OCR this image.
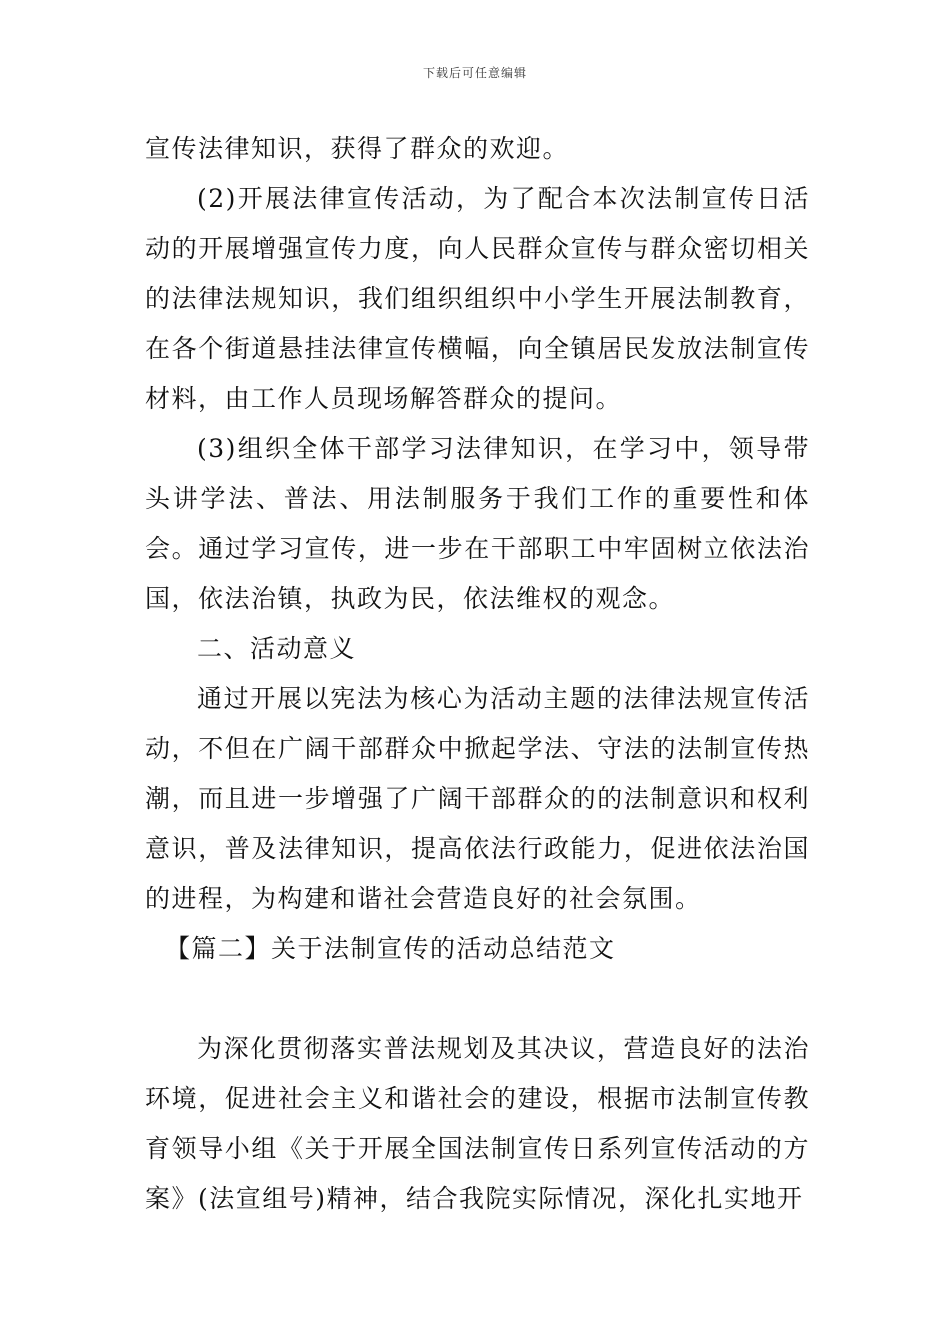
下载后可任意编辑

宣传法律知识，获得了群众的欢迎。

(2)开展法律宣传活动，为了配合本次法制宣传日活动的开展增强宣传力度，向人民群众宣传与群众密切相关的法律法规知识，我们组织组织中小学生开展法制教育，在各个街道悬挂法律宣传横幅，向全镇居民发放法制宣传材料，由工作人员现场解答群众的提问。

(3)组织全体干部学习法律知识，在学习中，领导带头讲学法、普法、用法制服务于我们工作的重要性和体会。通过学习宣传，进一步在干部职工中牢固树立依法治国，依法治镇，执政为民，依法维权的观念。

二、活动意义

通过开展以宪法为核心为活动主题的法律法规宣传活动，不但在广阔干部群众中掀起学法、守法的法制宣传热潮，而且进一步增强了广阔干部群众的的法制意识和权利意识，普及法律知识，提高依法行政能力，促进依法治国的进程，为构建和谐社会营造良好的社会氛围。

【篇二】关于法制宣传的活动总结范文

为深化贯彻落实普法规划及其决议，营造良好的法治环境，促进社会主义和谐社会的建设，根据市法制宣传教育领导小组《关于开展全国法制宣传日系列宣传活动的方案》(法宣组号)精神，结合我院实际情况，深化扎实地开
